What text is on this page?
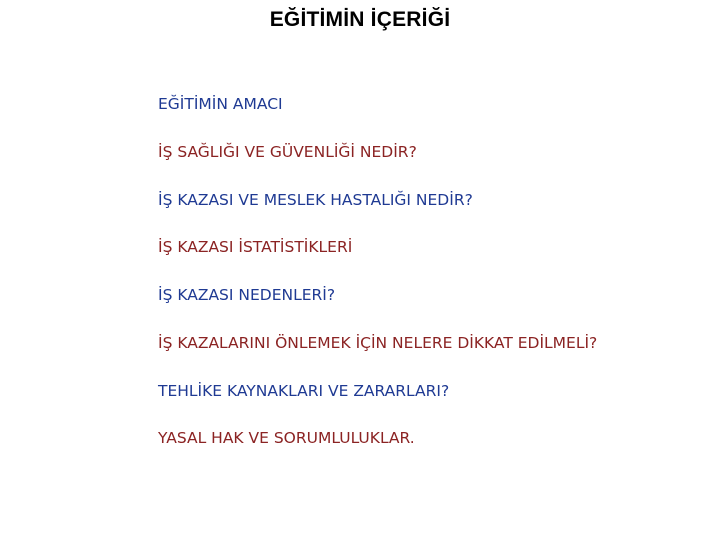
EĞİTİMİN İÇERİĞİ
EĞİTİMİN AMACI
İŞ SAĞLIĞI VE GÜVENLİĞİ NEDİR?
İŞ KAZASI VE MESLEK HASTALIĞI NEDİR?
İŞ KAZASI İSTATİSTİKLERİ
İŞ KAZASI NEDENLERİ?
İŞ KAZALARINI ÖNLEMEK İÇİN NELERE DİKKAT EDİLMELİ?
TEHLİKE KAYNAKLARI VE ZARARLARI?
YASAL HAK VE SORUMLULUKLAR.
